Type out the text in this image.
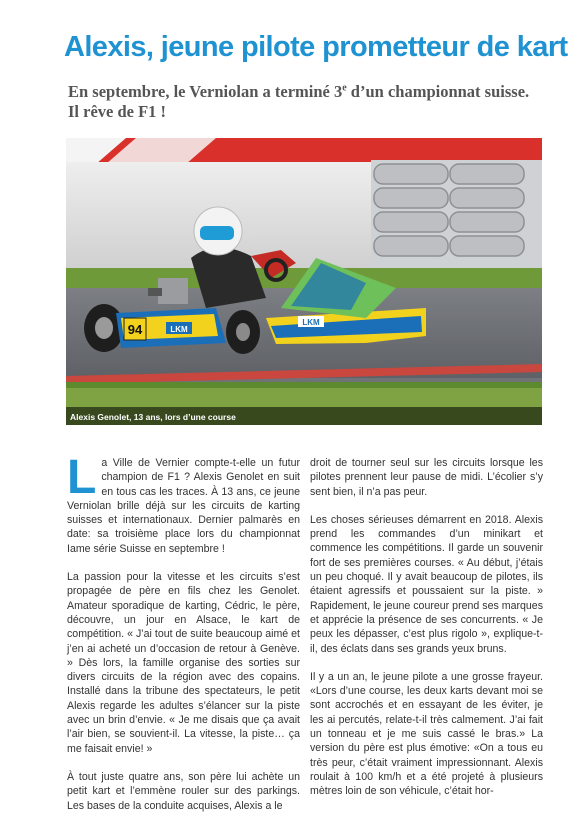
Alexis, jeune pilote prometteur de kart
En septembre, le Verniolan a terminé 3e d’un championnat suisse. Il rêve de F1 !
94	LKM
LKM
Alexis Genolet, 13 ans, lors d’une course

La Ville de Vernier compte-t-elle un futur champion de F1 ? Alexis Genolet en suit en tous cas les traces. À 13 ans, ce jeune Verniolan brille déjà sur les circuits de karting suisses et internationaux. Dernier palmarès en date: sa troisième place lors du championnat Iame série Suisse en septembre !

La passion pour la vitesse et les circuits s’est propagée de père en fils chez les Genolet. Amateur sporadique de karting, Cédric, le père, découvre, un jour en Alsace, le kart de compétition. « J’ai tout de suite beaucoup aimé et j’en ai acheté un d’occasion de retour à Genève. » Dès lors, la famille organise des sorties sur divers circuits de la région avec des copains. Installé dans la tribune des spectateurs, le petit Alexis regarde les adultes s’élancer sur la piste avec un brin d’envie. « Je me disais que ça avait l’air bien, se souvient-il. La vitesse, la piste… ça me faisait envie! »

À tout juste quatre ans, son père lui achète un petit kart et l’emmène rouler sur des parkings. Les bases de la conduite acquises, Alexis a le

droit de tourner seul sur les circuits lorsque les pilotes prennent leur pause de midi. L’écolier s’y sent bien, il n’a pas peur.

Les choses sérieuses démarrent en 2018. Alexis prend les commandes d’un minikart et commence les compétitions. Il garde un souvenir fort de ses premières courses. « Au début, j’étais un peu choqué. Il y avait beaucoup de pilotes, ils étaient agressifs et poussaient sur la piste. » Rapidement, le jeune coureur prend ses marques et apprécie la présence de ses concurrents. « Je peux les dépasser, c’est plus rigolo », explique-t-il, des éclats dans ses grands yeux bruns.

Il y a un an, le jeune pilote a une grosse frayeur. «Lors d’une course, les deux karts devant moi se sont accrochés et en essayant de les éviter, je les ai percutés, relate-t-il très calmement. J’ai fait un tonneau et je me suis cassé le bras.» La version du père est plus émotive: «On a tous eu très peur, c’était vraiment impressionnant. Alexis roulait à 100 km/h et a été projeté à plusieurs mètres loin de son véhicule, c’était hor-
